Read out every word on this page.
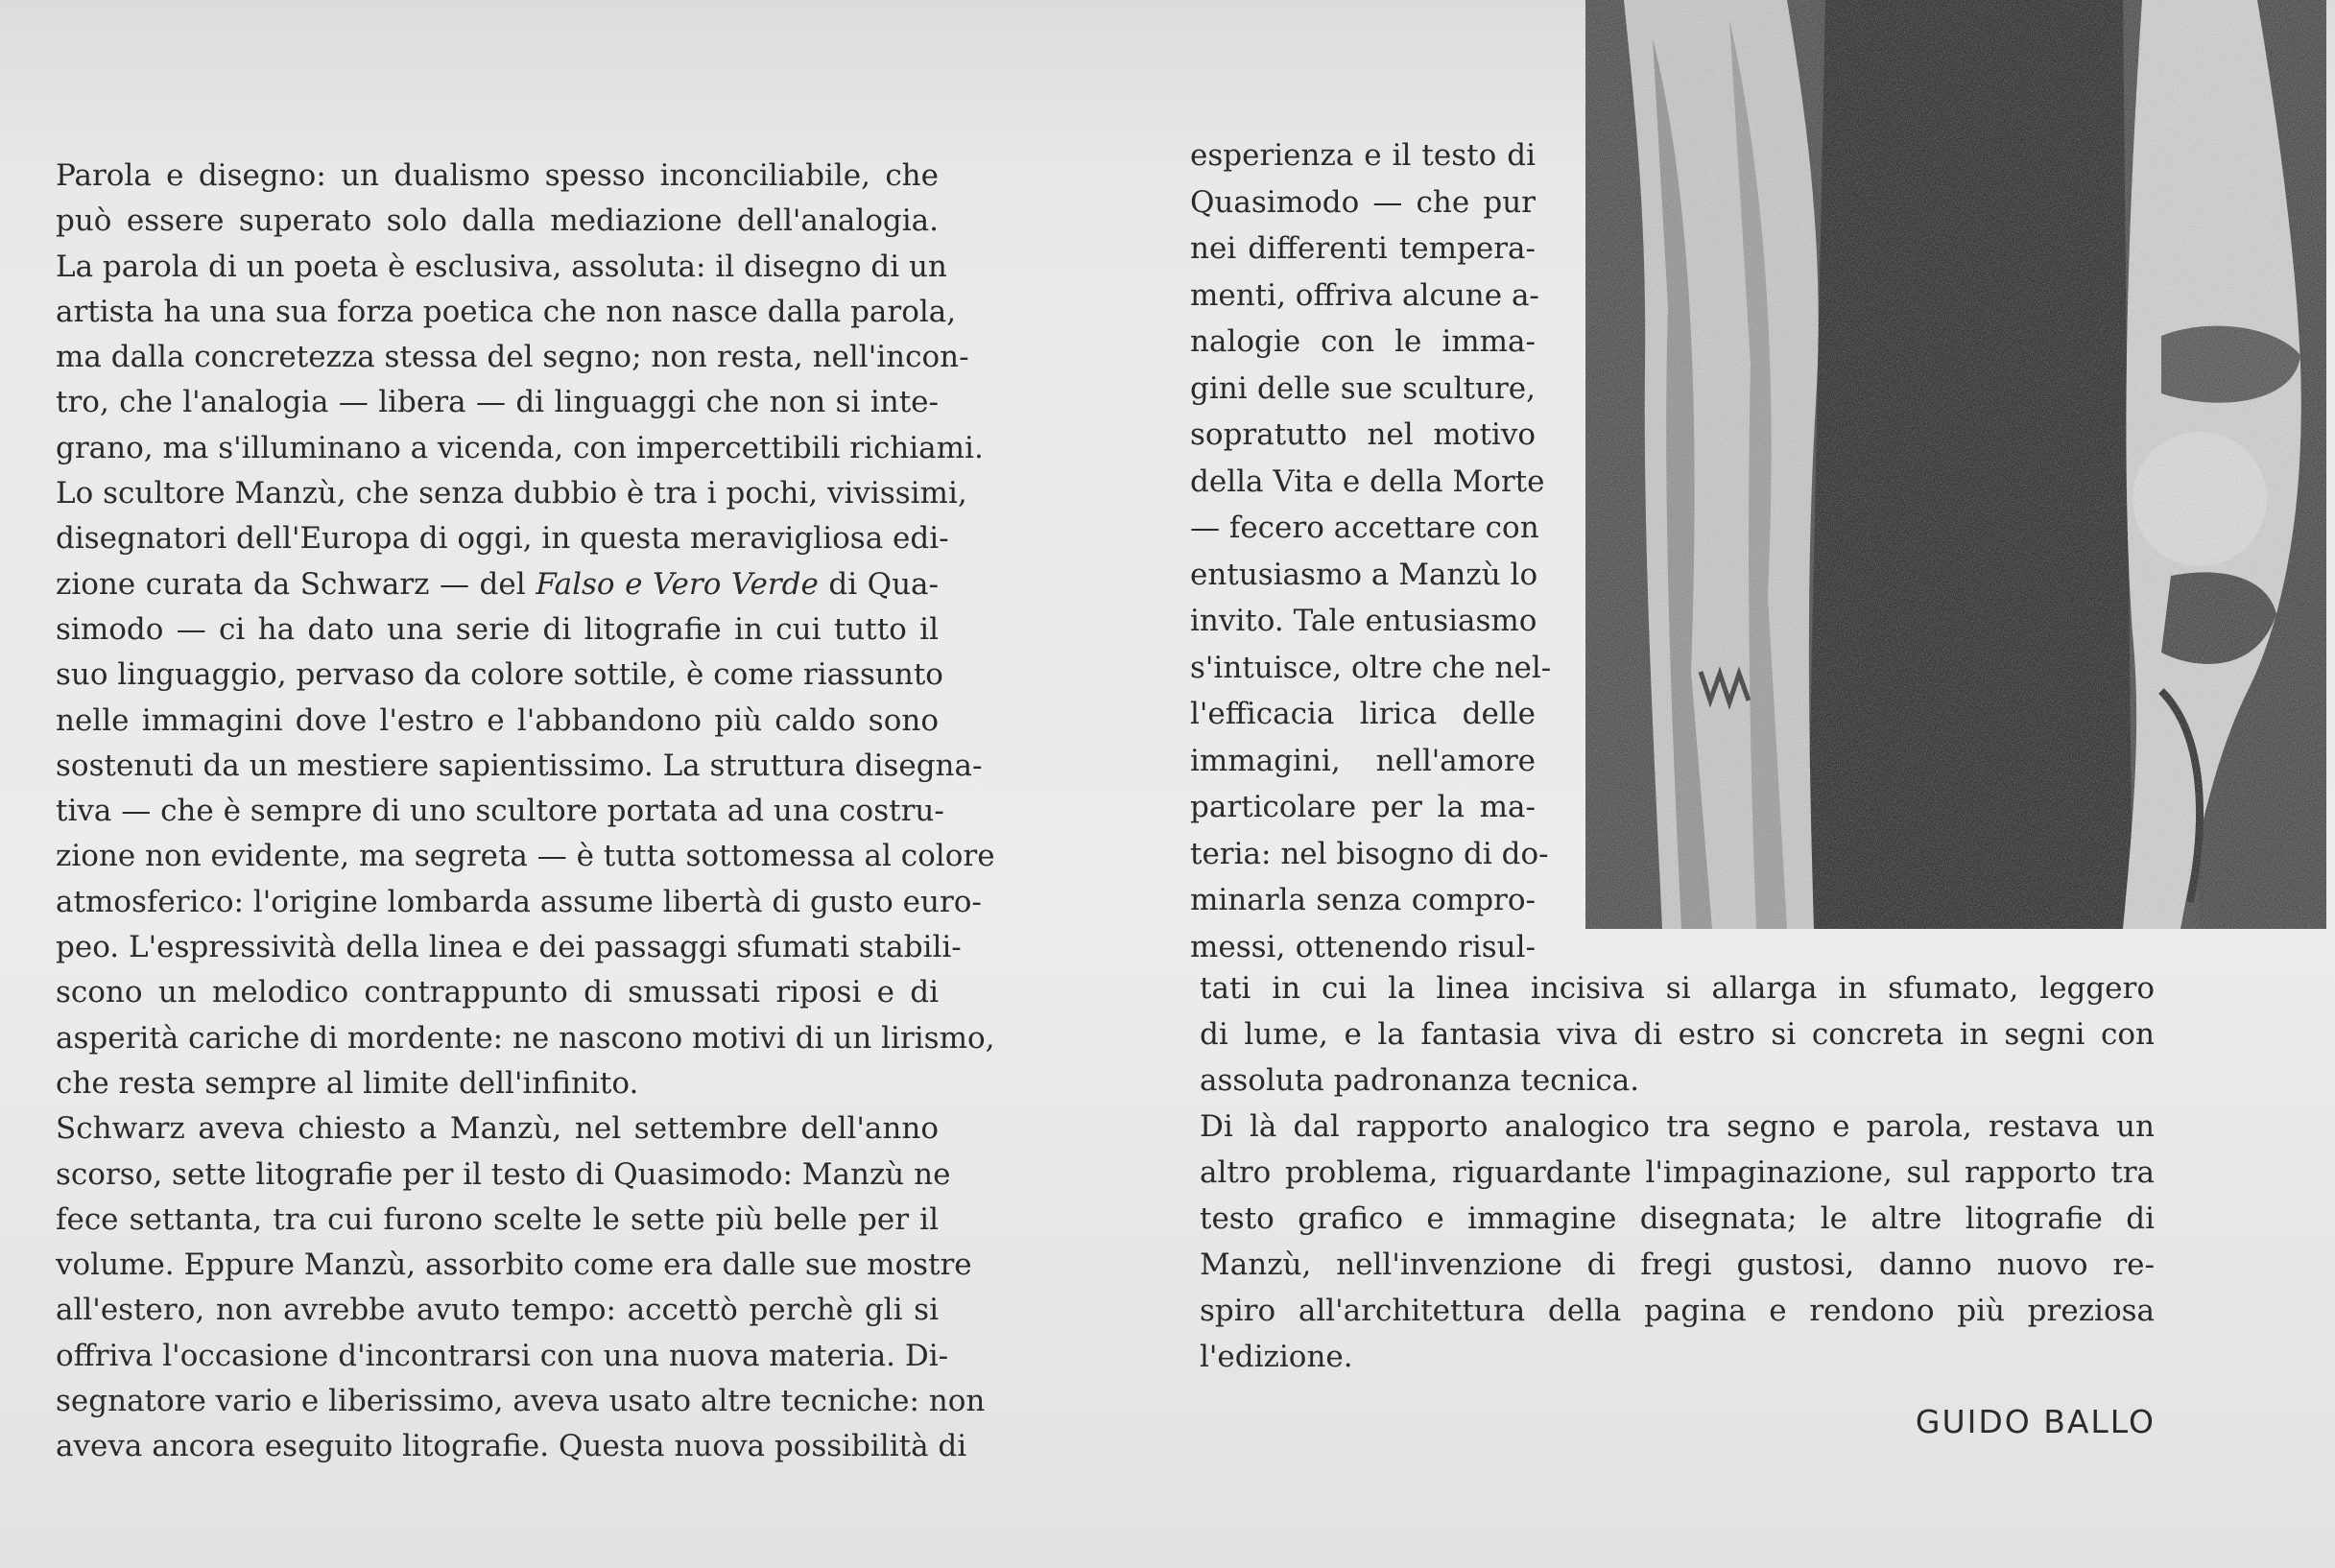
Parola e disegno: un dualismo spesso inconciliabile, che
può essere superato solo dalla mediazione dell'analogia.
La parola di un poeta è esclusiva, assoluta: il disegno di un
artista ha una sua forza poetica che non nasce dalla parola,
ma dalla concretezza stessa del segno; non resta, nell'incon-
tro, che l'analogia — libera — di linguaggi che non si inte-
grano, ma s'illuminano a vicenda, con impercettibili richiami.
Lo scultore Manzù, che senza dubbio è tra i pochi, vivissimi,
disegnatori dell'Europa di oggi, in questa meravigliosa edi-
zione curata da Schwarz — del Falso e Vero Verde di Qua-
simodo — ci ha dato una serie di litografie in cui tutto il
suo linguaggio, pervaso da colore sottile, è come riassunto
nelle immagini dove l'estro e l'abbandono più caldo sono
sostenuti da un mestiere sapientissimo. La struttura disegna-
tiva — che è sempre di uno scultore portata ad una costru-
zione non evidente, ma segreta — è tutta sottomessa al colore
atmosferico: l'origine lombarda assume libertà di gusto euro-
peo. L'espressività della linea e dei passaggi sfumati stabili-
scono un melodico contrappunto di smussati riposi e di
asperità cariche di mordente: ne nascono motivi di un lirismo,
che resta sempre al limite dell'infinito.
Schwarz aveva chiesto a Manzù, nel settembre dell'anno
scorso, sette litografie per il testo di Quasimodo: Manzù ne
fece settanta, tra cui furono scelte le sette più belle per il
volume. Eppure Manzù, assorbito come era dalle sue mostre
all'estero, non avrebbe avuto tempo: accettò perchè gli si
offriva l'occasione d'incontrarsi con una nuova materia. Di-
segnatore vario e liberissimo, aveva usato altre tecniche: non
aveva ancora eseguito litografie. Questa nuova possibilità di
esperienza e il testo di
Quasimodo — che pur
nei differenti tempera-
menti, offriva alcune a-
nalogie con le imma-
gini delle sue sculture,
sopratutto nel motivo
della Vita e della Morte
— fecero accettare con
entusiasmo a Manzù lo
invito. Tale entusiasmo
s'intuisce, oltre che nel-
l'efficacia lirica delle
immagini, nell'amore
particolare per la ma-
teria: nel bisogno di do-
minarla senza compro-
messi, ottenendo risul-
tati in cui la linea incisiva si allarga in sfumato, leggero
di lume, e la fantasia viva di estro si concreta in segni con
assoluta padronanza tecnica.
Di là dal rapporto analogico tra segno e parola, restava un
altro problema, riguardante l'impaginazione, sul rapporto tra
testo grafico e immagine disegnata; le altre litografie di
Manzù, nell'invenzione di fregi gustosi, danno nuovo re-
spiro all'architettura della pagina e rendono più preziosa
l'edizione.
GUIDO BALLO
